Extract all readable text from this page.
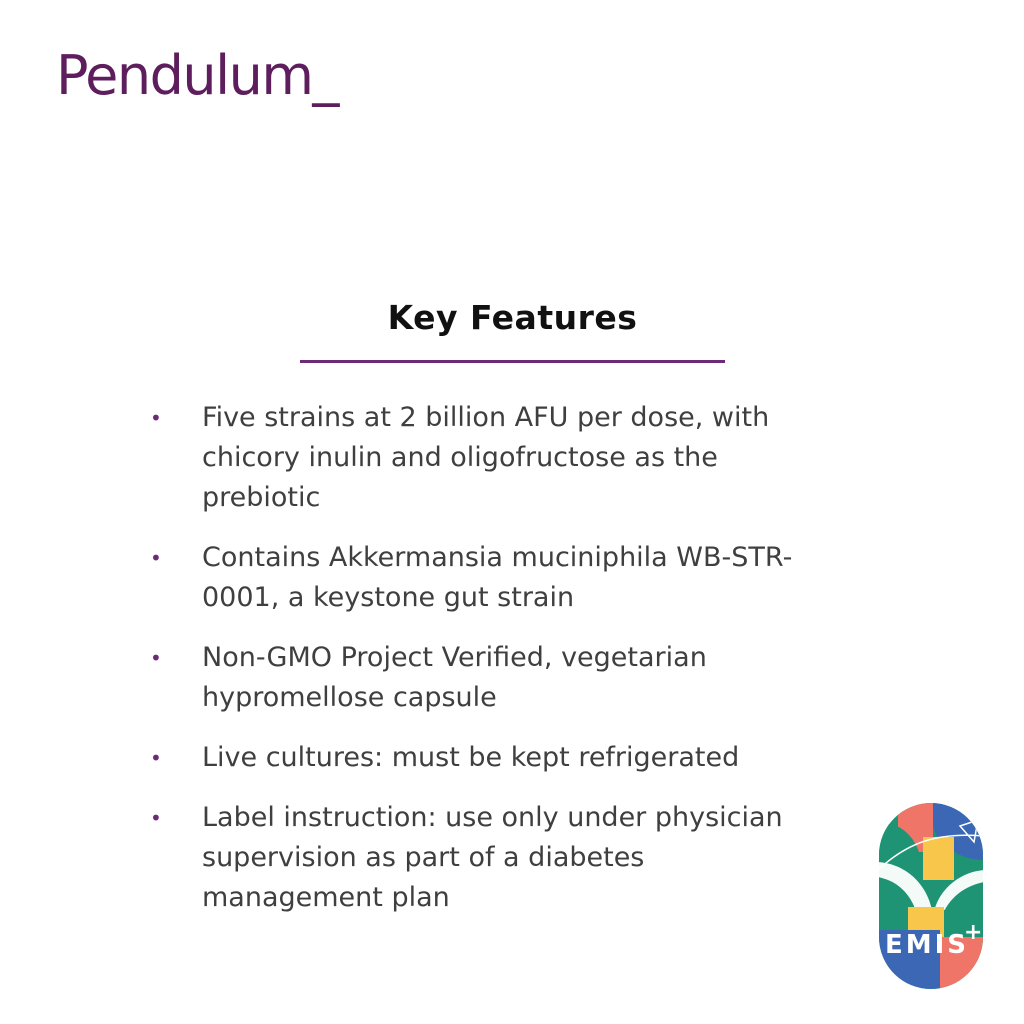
Pendulum_
Key Features
• Five strains at 2 billion AFU per dose, with chicory inulin and oligofructose as the prebiotic
• Contains Akkermansia muciniphila WB-STR-0001, a keystone gut strain
• Non-GMO Project Verified, vegetarian hypromellose capsule
• Live cultures: must be kept refrigerated
• Label instruction: use only under physician supervision as part of a diabetes management plan
EMIS
+
